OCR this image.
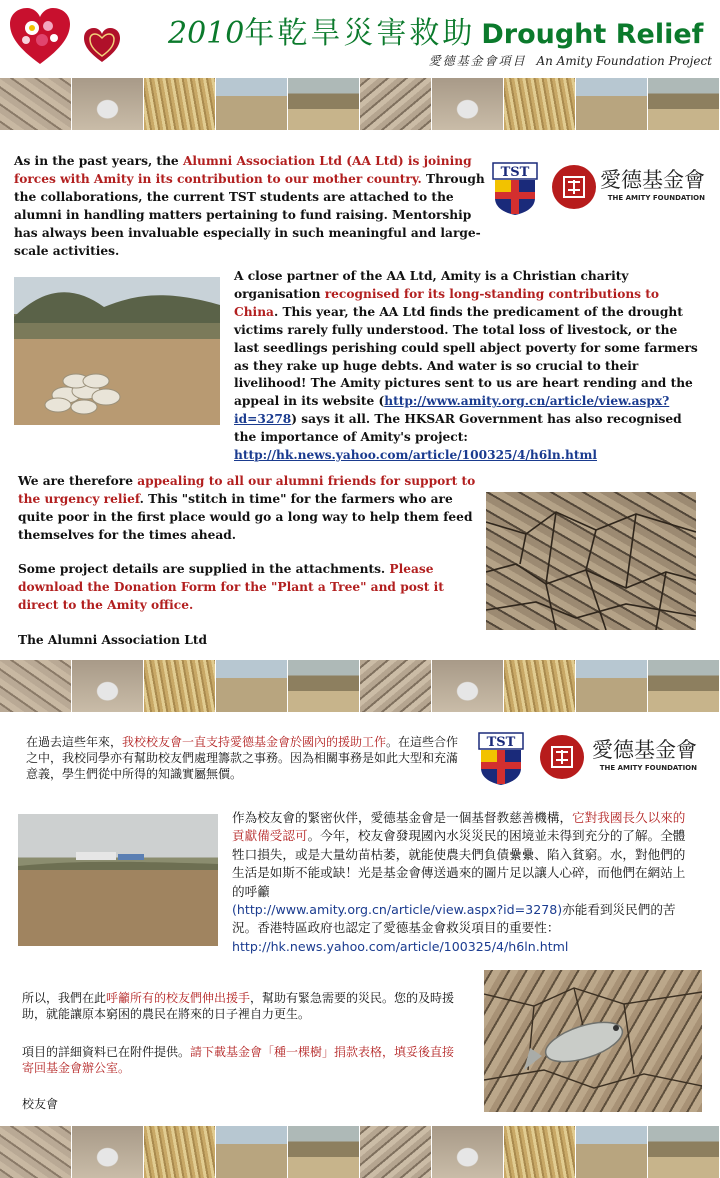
2010年乾旱災害救助 Drought Relief
愛德基金會項目 An Amity Foundation Project
As in the past years, the Alumni Association Ltd (AA Ltd) is joining forces with Amity in its contribution to our mother country. Through the collaborations, the current TST students are attached to the alumni in handling matters pertaining to fund raising. Mentorship has always been invaluable especially in such meaningful and large-scale activities.
TST	愛德基金會
THE AMITY FOUNDATION
A close partner of the AA Ltd, Amity is a Christian charity organisation recognised for its long-standing contributions to China. This year, the AA Ltd finds the predicament of the drought victims rarely fully understood. The total loss of livestock, or the last seedlings perishing could spell abject poverty for some farmers as they rake up huge debts. And water is so crucial to their livelihood! The Amity pictures sent to us are heart rending and the appeal in its website (http://www.amity.org.cn/article/view.aspx?id=3278) says it all. The HKSAR Government has also recognised the importance of Amity's project: http://hk.news.yahoo.com/article/100325/4/h6ln.html
We are therefore appealing to all our alumni friends for support to the urgency relief. This "stitch in time" for the farmers who are quite poor in the first place would go a long way to help them feed themselves for the times ahead.
Some project details are supplied in the attachments. Please download the Donation Form for the "Plant a Tree" and post it direct to the Amity office.
The Alumni Association Ltd
在過去這些年來，我校校友會一直支持愛德基金會於國內的援助工作。在這些合作之中，我校同學亦有幫助校友們處理籌款之事務。因為相關事務是如此大型和充滿意義，學生們從中所得的知識實屬無價。
TST	愛德基金會
THE AMITY FOUNDATION
作為校友會的緊密伙伴，愛德基金會是一個基督教慈善機構，它對我國長久以來的貢獻備受認可。今年，校友會發現國內水災災民的困境並未得到充分的了解。全體牲口損失，或是大量幼苗枯萎，就能使農夫們負債纍纍、陷入貧窮。水，對他們的生活是如斯不能或缺！光是基金會傳送過來的圖片足以讓人心碎，而他們在網站上的呼籲
(http://www.amity.org.cn/article/view.aspx?id=3278)亦能看到災民們的苦況。香港特區政府也認定了愛德基金會救災項目的重要性：
http://hk.news.yahoo.com/article/100325/4/h6ln.html
所以，我們在此呼籲所有的校友們伸出援手，幫助有緊急需要的災民。您的及時援助，就能讓原本窮困的農民在將來的日子裡自力更生。
項目的詳細資料已在附件提供。請下載基金會「種一棵樹」捐款表格，填妥後直接寄回基金會辦公室。
校友會
